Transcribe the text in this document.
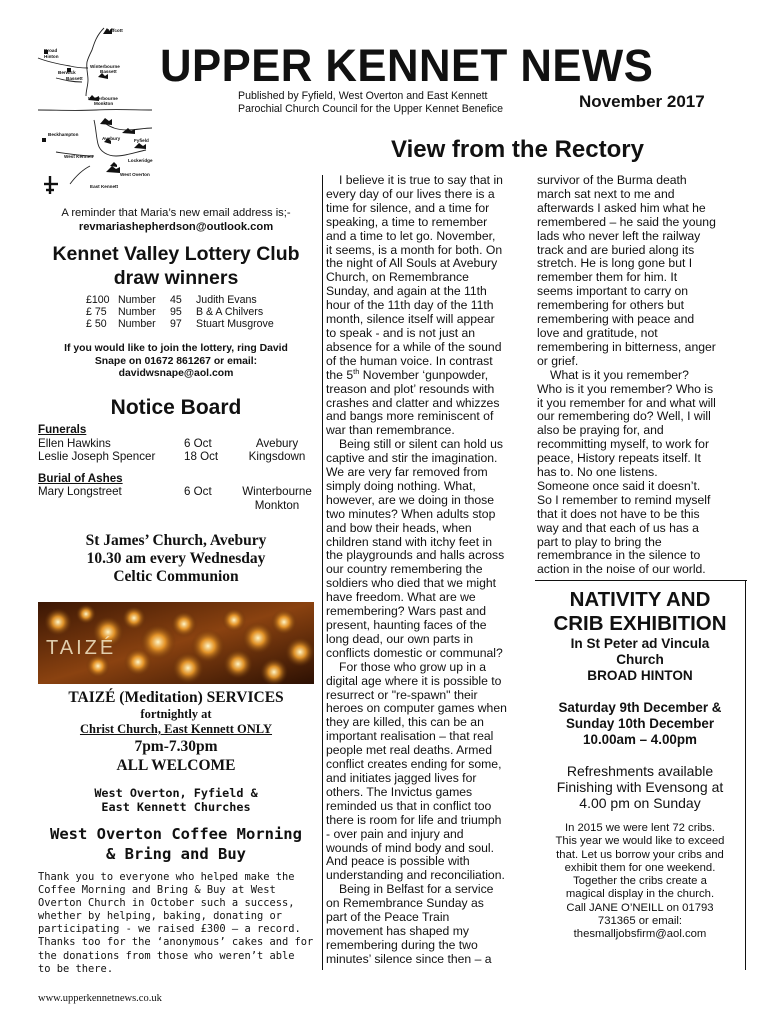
Uffcott
Broad
Hinton
Winterbourne
Bassett
Berwick
Bassett
Winterbourne
Monkton
Beckhampton
Avebury	Fyfield
West Kennett
Lockeridge
West Overton
East Kennett
UPPER KENNET NEWS
Published by Fyfield, West Overton and East Kennett
Parochial Church Council for the Upper Kennet Benefice	November 2017
A reminder that Maria’s new email address is;-
revmariashepherdson@outlook.com
Kennet Valley Lottery Club
draw winners
£100	Number	45	Judith Evans
£ 75	Number	95	B & A Chilvers
£ 50	Number	97	Stuart Musgrove
If you would like to join the lottery, ring David
Snape on 01672 861267 or email:
davidwsnape@aol.com
Notice Board
Funerals
Ellen Hawkins	6 Oct	Avebury
Leslie Joseph Spencer	18 Oct	Kingsdown
Burial of Ashes
Mary Longstreet	6 Oct	Winterbourne
Monkton
St James’ Church, Avebury
10.30 am every Wednesday
Celtic Communion
TAIZÉ
TAIZÉ (Meditation) SERVICES
fortnightly at
Christ Church, East Kennett ONLY
7pm-7.30pm
ALL WELCOME
West Overton, Fyfield &
East Kennett Churches
West Overton Coffee Morning
& Bring and Buy
Thank you to everyone who helped make the
Coffee Morning and Bring & Buy at West
Overton Church in October such a success,
whether by helping, baking, donating or
participating - we raised £300 – a record.
Thanks too for the ‘anonymous’ cakes and for
the donations from those who weren’t able
to be there.
www.upperkennetnews.co.uk
View from the Rectory

I believe it is true to say that in
every day of our lives there is a
time for silence, and a time for
speaking, a time to remember
and a time to let go. November,
it seems, is a month for both. On
the night of All Souls at Avebury
Church, on Remembrance
Sunday, and again at the 11th
hour of the 11th day of the 11th
month, silence itself will appear
to speak - and is not just an
absence for a while of the sound
of the human voice. In contrast

the 5th November ‘gunpowder,
treason and plot’ resounds with
crashes and clatter and whizzes
and bangs more reminiscent of
war than remembrance.

Being still or silent can hold us
captive and stir the imagination.
We are very far removed from
simply doing nothing. What,
however, are we doing in those
two minutes? When adults stop
and bow their heads, when
children stand with itchy feet in
the playgrounds and halls across
our country remembering the
soldiers who died that we might
have freedom. What are we
remembering? Wars past and
present, haunting faces of the
long dead, our own parts in
conflicts domestic or communal?

For those who grow up in a
digital age where it is possible to
resurrect or "re-spawn" their
heroes on computer games when
they are killed, this can be an
important realisation – that real
people met real deaths. Armed
conflict creates ending for some,
and initiates jagged lives for
others. The Invictus games
reminded us that in conflict too
there is room for life and triumph
- over pain and injury and
wounds of mind body and soul.
And peace is possible with
understanding and reconciliation.

Being in Belfast for a service
on Remembrance Sunday as
part of the Peace Train
movement has shaped my
remembering during the two
minutes’ silence since then – a

survivor of the Burma death
march sat next to me and
afterwards I asked him what he
remembered – he said the young
lads who never left the railway
track and are buried along its
stretch. He is long gone but I
remember them for him. It
seems important to carry on
remembering for others but
remembering with peace and
love and gratitude, not
remembering in bitterness, anger
or grief.

What is it you remember?
Who is it you remember? Who is
it you remember for and what will
our remembering do? Well, I will
also be praying for, and
recommitting myself, to work for
peace, History repeats itself. It
has to. No one listens.
Someone once said it doesn’t.
So I remember to remind myself
that it does not have to be this
way and that each of us has a
part to play to bring the
remembrance in the silence to
action in the noise of our world.

NATIVITY AND
CRIB EXHIBITION
In St Peter ad Vincula
Church
BROAD HINTON
Saturday 9th December &
Sunday 10th December
10.00am – 4.00pm
Refreshments available
Finishing with Evensong at
4.00 pm on Sunday
In 2015 we were lent 72 cribs.
This year we would like to exceed
that. Let us borrow your cribs and
exhibit them for one weekend.
Together the cribs create a
magical display in the church.
Call JANE O’NEILL on 01793
731365 or email:
thesmalljobsfirm@aol.com
